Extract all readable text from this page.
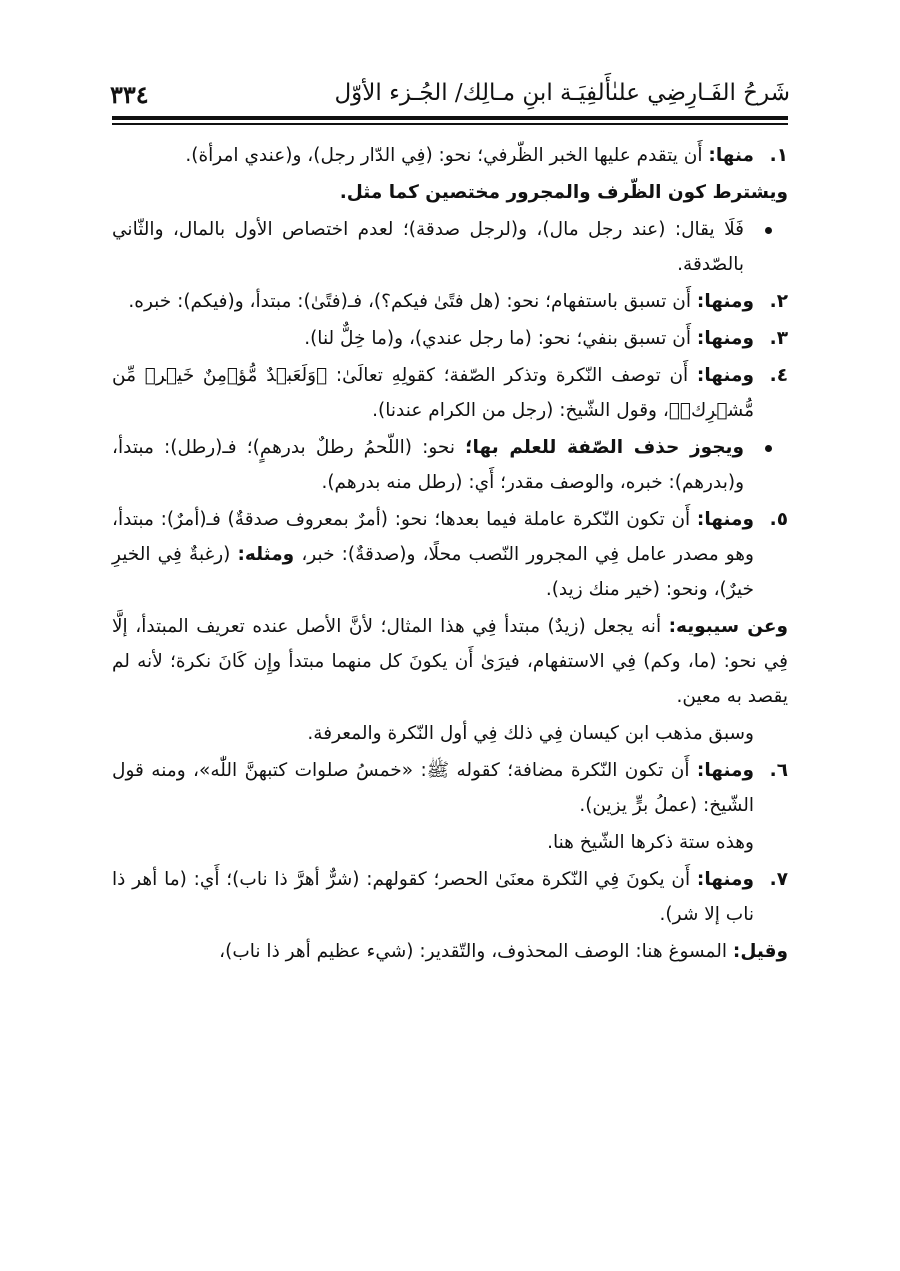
شَرحُ الفَـارِضِي علىٰأَلفِيَـة ابنِ مـالِك/ الجُـزء الأوّل
٣٣٤
١.
منها: أَن يتقدم عليها الخبر الظّرفي؛ نحو: (فِي الدّار رجل)، و(عندي امرأة).
ويشترط كون الظّرف والمجرور مختصين كما مثل.
فَلَا يقال: (عند رجل مال)، و(لرجل صدقة)؛ لعدم اختصاص الأول بالمال، والثّاني بالصّدقة.
٢.
ومنها: أَن تسبق باستفهام؛ نحو: (هل فتًىٰ فيكم؟)، فـ(فتًىٰ): مبتدأ، و(فيكم): خبره.
٣.
ومنها: أَن تسبق بنفي؛ نحو: (ما رجل عندي)، و(ما خِلٌّ لنا).
٤.
ومنها: أَن توصف النّكرة وتذكر الصّفة؛ كقولِهِ تعالَىٰ: ﴿وَلَعَبۡدٌ مُّؤۡمِنٌ خَيۡرٞ مِّن مُّشۡرِكٖ﴾، وقول الشّيخ: (رجل من الكرام عندنا).
ويجوز حذف الصّفة للعلم بها؛ نحو: (اللّحمُ رطلٌ بدرهمٍ)؛ فـ(رطل): مبتدأ، و(بدرهم): خبره، والوصف مقدر؛ أَي: (رطل منه بدرهم).
٥.
ومنها: أَن تكون النّكرة عاملة فيما بعدها؛ نحو: (أمرٌ بمعروف صدقةٌ) فـ(أمرٌ): مبتدأ، وهو مصدر عامل فِي المجرور النّصب محلًا، و(صدقةٌ): خبر، ومثله: (رغبةٌ فِي الخيرِ خيرٌ)، ونحو: (خير منك زيد).
وعن سيبويه: أنه يجعل (زيدٌ) مبتدأ فِي هذا المثال؛ لأنَّ الأصل عنده تعريف المبتدأ، إلَّا فِي نحو: (ما، وكم) فِي الاستفهام، فيرَىٰ أَن يكونَ كل منهما مبتدأ وإِن كَانَ نكرة؛ لأنه لم يقصد به معين.
وسبق مذهب ابن كيسان فِي ذلك فِي أول النّكرة والمعرفة.
٦.
ومنها: أَن تكون النّكرة مضافة؛ كقوله ﷺ: «خمسُ صلوات كتبهنَّ اللّٰه»، ومنه قول الشّيخ: (عملُ برٍّ يزين).
وهذه ستة ذكرها الشّيخ هنا.
٧.
ومنها: أَن يكونَ فِي النّكرة معنَىٰ الحصر؛ كقولهم: (شرٌّ أهرَّ ذا ناب)؛ أَي: (ما أهر ذا ناب إلا شر).
وقيل: المسوغ هنا: الوصف المحذوف، والتّقدير: (شيء عظيم أهر ذا ناب)،
